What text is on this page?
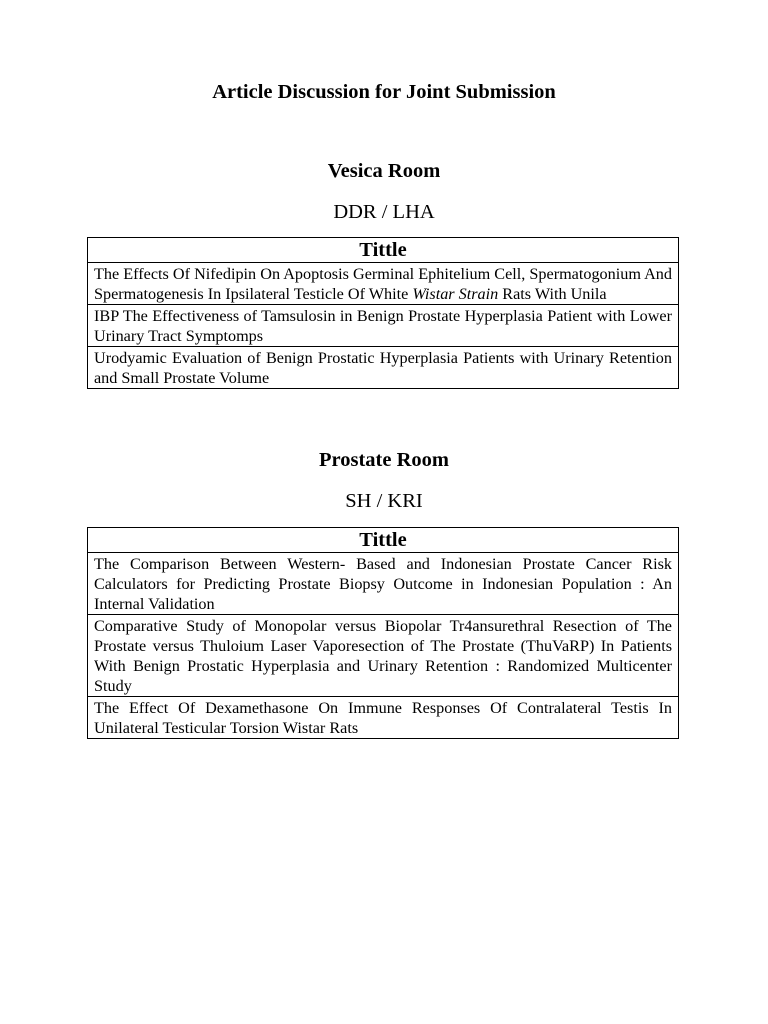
Article Discussion for Joint Submission
Vesica Room
DDR / LHA
Tittle
The Effects Of Nifedipin On Apoptosis Germinal Ephitelium Cell, Spermatogonium And Spermatogenesis In Ipsilateral Testicle Of White Wistar Strain Rats With Unila
IBP The Effectiveness of Tamsulosin in Benign Prostate Hyperplasia Patient with Lower Urinary Tract Symptomps
Urodyamic Evaluation of Benign Prostatic Hyperplasia Patients with Urinary Retention and Small Prostate Volume
Prostate Room
SH / KRI
Tittle
The Comparison Between Western- Based and Indonesian Prostate Cancer Risk Calculators for Predicting Prostate Biopsy Outcome in Indonesian Population : An Internal Validation
Comparative Study of Monopolar versus Biopolar Tr4ansurethral Resection of The Prostate versus Thuloium Laser Vaporesection of The Prostate (ThuVaRP) In Patients With Benign Prostatic Hyperplasia and Urinary Retention : Randomized Multicenter Study
The Effect Of Dexamethasone On Immune Responses Of Contralateral Testis In Unilateral Testicular Torsion Wistar Rats
